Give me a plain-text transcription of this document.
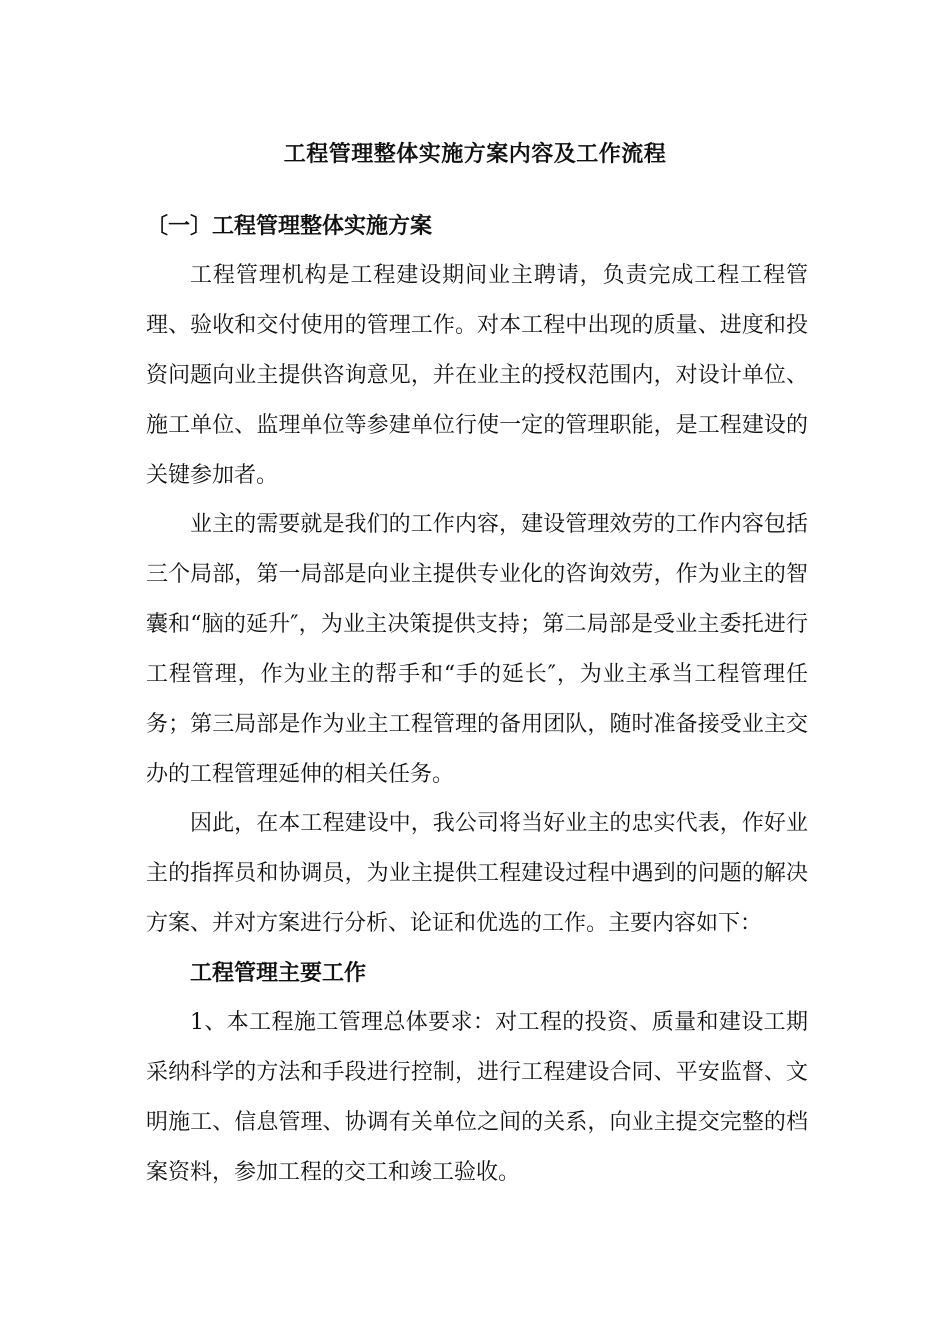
工程管理整体实施方案内容及工作流程
〔一〕工程管理整体实施方案

工程管理机构是工程建设期间业主聘请，负责完成工程工程管理、验收和交付使用的管理工作。对本工程中出现的质量、进度和投资问题向业主提供咨询意见，并在业主的授权范围内，对设计单位、施工单位、监理单位等参建单位行使一定的管理职能，是工程建设的关键参加者。

业主的需要就是我们的工作内容，建设管理效劳的工作内容包括三个局部，第一局部是向业主提供专业化的咨询效劳，作为业主的智囊和“脑的延升″，为业主决策提供支持；第二局部是受业主委托进行工程管理，作为业主的帮手和“手的延长″，为业主承当工程管理任务；第三局部是作为业主工程管理的备用团队，随时准备接受业主交办的工程管理延伸的相关任务。

因此，在本工程建设中，我公司将当好业主的忠实代表，作好业主的指挥员和协调员，为业主提供工程建设过程中遇到的问题的解决方案、并对方案进行分析、论证和优选的工作。主要内容如下：

工程管理主要工作

1、本工程施工管理总体要求：对工程的投资、质量和建设工期采纳科学的方法和手段进行控制，进行工程建设合同、平安监督、文明施工、信息管理、协调有关单位之间的关系，向业主提交完整的档案资料，参加工程的交工和竣工验收。
